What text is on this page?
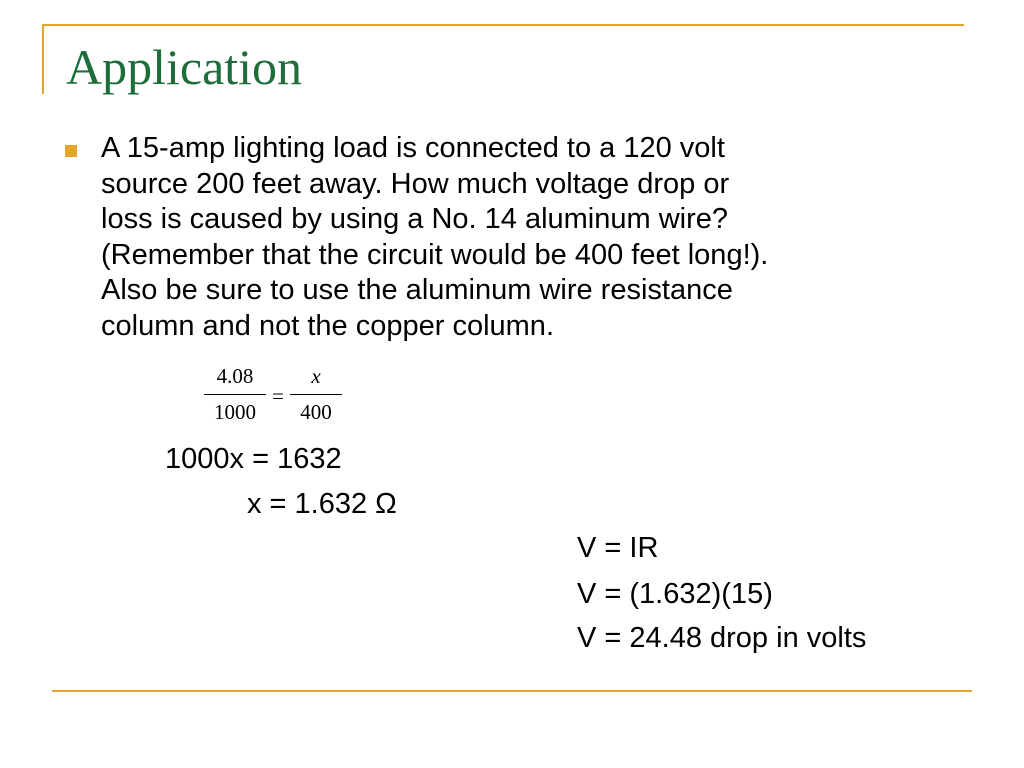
Application

A 15-amp lighting load is connected to a 120 volt
source 200 feet away. How much voltage drop or
loss is caused by using a No. 14 aluminum wire?
(Remember that the circuit would be 400 feet long!).
Also be sure to use the aluminum wire resistance
column and not the copper column.

4.08
1000
=
x
400

1000x = 1632

x = 1.632 Ω

V = IR

V = (1.632)(15)

V = 24.48 drop in volts
